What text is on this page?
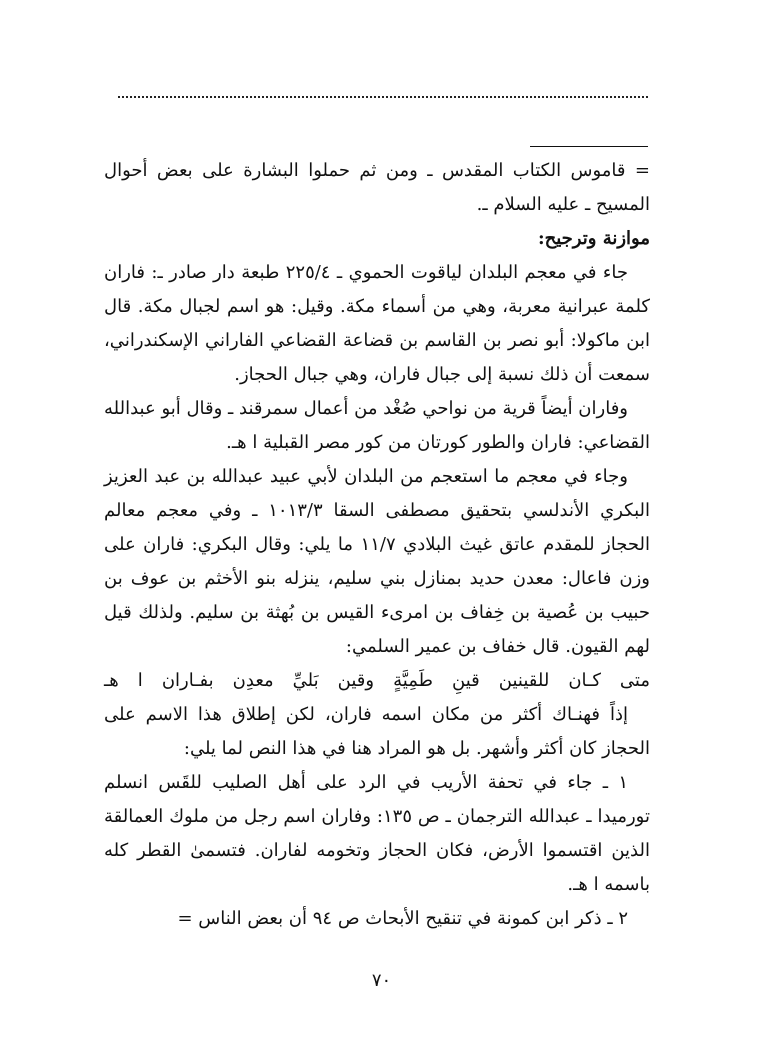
= قاموس الكتاب المقدس ـ ومن ثم حملوا البشارة على بعض أحوال المسيح ـ عليه السلام ـ.

موازنة وترجيح:

جاء في معجم البلدان لياقوت الحموي ـ ٢٢٥/٤ طبعة دار صادر ـ: فاران كلمة عبرانية معربة، وهي من أسماء مكة. وقيل: هو اسم لجبال مكة. قال ابن ماكولا: أبو نصر بن القاسم بن قضاعة القضاعي الفاراني الإسكندراني، سمعت أن ذلك نسبة إلى جبال فاران، وهي جبال الحجاز.

وفاران أيضاً قرية من نواحي صُغْد من أعمال سمرقند ـ وقال أبو عبدالله القضاعي: فاران والطور كورتان من كور مصر القبلية ا هـ.

وجاء في معجم ما استعجم من البلدان لأبي عبيد عبدالله بن عبد العزيز البكري الأندلسي بتحقيق مصطفى السقا ١٠١٣/٣ ـ وفي معجم معالم الحجاز للمقدم عاتق غيث البلادي ١١/٧ ما يلي: وقال البكري: فاران على وزن فاعال: معدن حديد بمنازل بني سليم، ينزله بنو الأخثم بن عوف بن حبيب بن عُصية بن خِفاف بن امرىء القيس بن بُهثة بن سليم. ولذلك قيل لهم القيون. قال خفاف بن عمير السلمي:

متى كـان للقينين قينِ طَمِيَّةٍ وقين بَليِّ معدِن بفـاران ا هـ

إذاً فهنـاك أكثر من مكان اسمه فاران، لكن إطلاق هذا الاسم على الحجاز كان أكثر وأشهر. بل هو المراد هنا في هذا النص لما يلي:

١ ـ جاء في تحفة الأريب في الرد على أهل الصليب للقَس انسلم تورميدا ـ عبدالله الترجمان ـ ص ١٣٥: وفاران اسم رجل من ملوك العمالقة الذين اقتسموا الأرض، فكان الحجاز وتخومه لفاران. فتسمىٰ القطر كله باسمه ا هـ.

٢ ـ ذكر ابن كمونة في تنقيح الأبحاث ص ٩٤ أن بعض الناس =

٧٠
